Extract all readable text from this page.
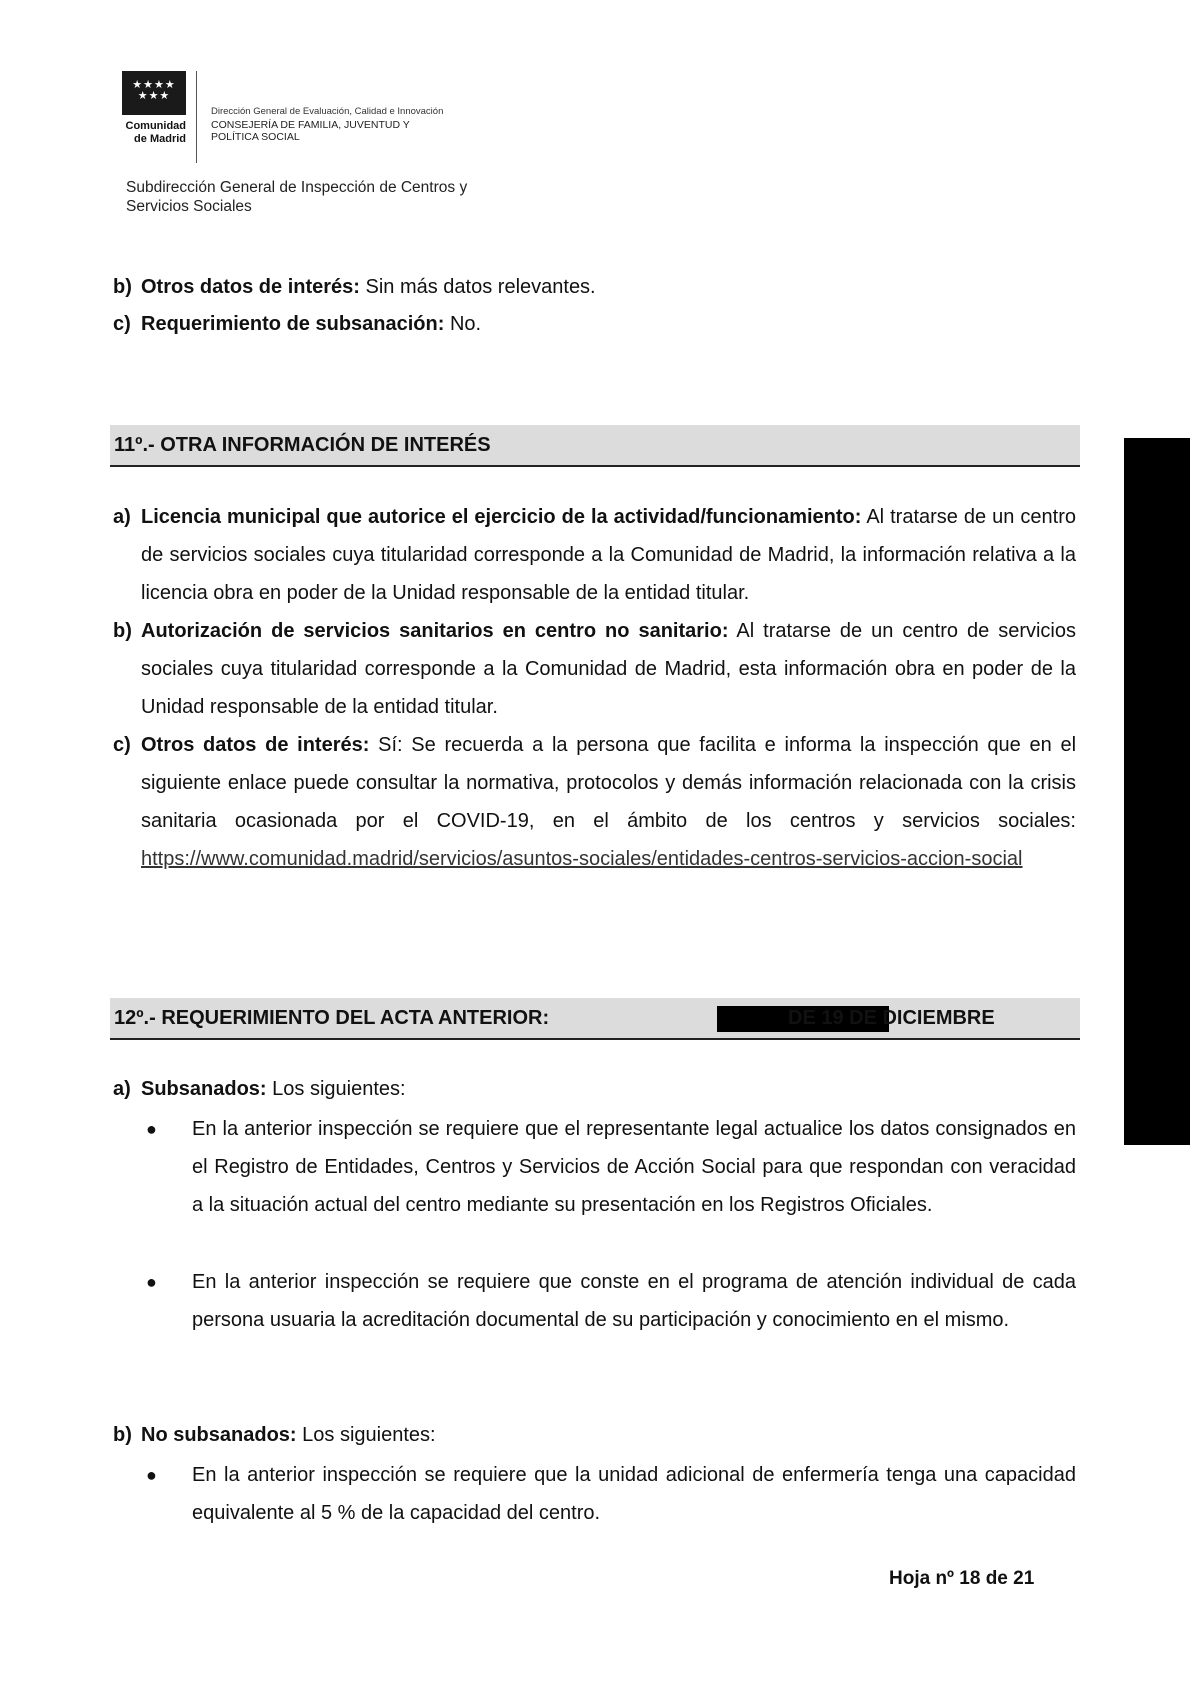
★★★★
★★★
Comunidad de Madrid
Dirección General de Evaluación, Calidad e Innovación
CONSEJERÍA DE FAMILIA, JUVENTUD Y POLÍTICA SOCIAL
Subdirección General de Inspección de Centros y Servicios Sociales
b) Otros datos de interés: Sin más datos relevantes.
c) Requerimiento de subsanación: No.
11º.- OTRA INFORMACIÓN DE INTERÉS
a) Licencia municipal que autorice el ejercicio de la actividad/funcionamiento: Al tratarse de un centro de servicios sociales cuya titularidad corresponde a la Comunidad de Madrid, la información relativa a la licencia obra en poder de la Unidad responsable de la entidad titular.

b) Autorización de servicios sanitarios en centro no sanitario: Al tratarse de un centro de servicios sociales cuya titularidad corresponde a la Comunidad de Madrid, esta información obra en poder de la Unidad responsable de la entidad titular.

c) Otros datos de interés: Sí: Se recuerda a la persona que facilita e informa la inspección que en el siguiente enlace puede consultar la normativa, protocolos y demás información relacionada con la crisis sanitaria ocasionada por el COVID-19, en el ámbito de los centros y servicios sociales: https://www.comunidad.madrid/servicios/asuntos-sociales/entidades-centros-servicios-accion-social

12º.- REQUERIMIENTO DEL ACTA ANTERIOR:	DE 19 DE DICIEMBRE
a) Subsanados: Los siguientes:
● En la anterior inspección se requiere que el representante legal actualice los datos consignados en el Registro de Entidades, Centros y Servicios de Acción Social para que respondan con veracidad a la situación actual del centro mediante su presentación en los Registros Oficiales.

● En la anterior inspección se requiere que conste en el programa de atención individual de cada persona usuaria la acreditación documental de su participación y conocimiento en el mismo.

b) No subsanados: Los siguientes:
● En la anterior inspección se requiere que la unidad adicional de enfermería tenga una capacidad equivalente al 5 % de la capacidad del centro.

Hoja nº 18 de 21
